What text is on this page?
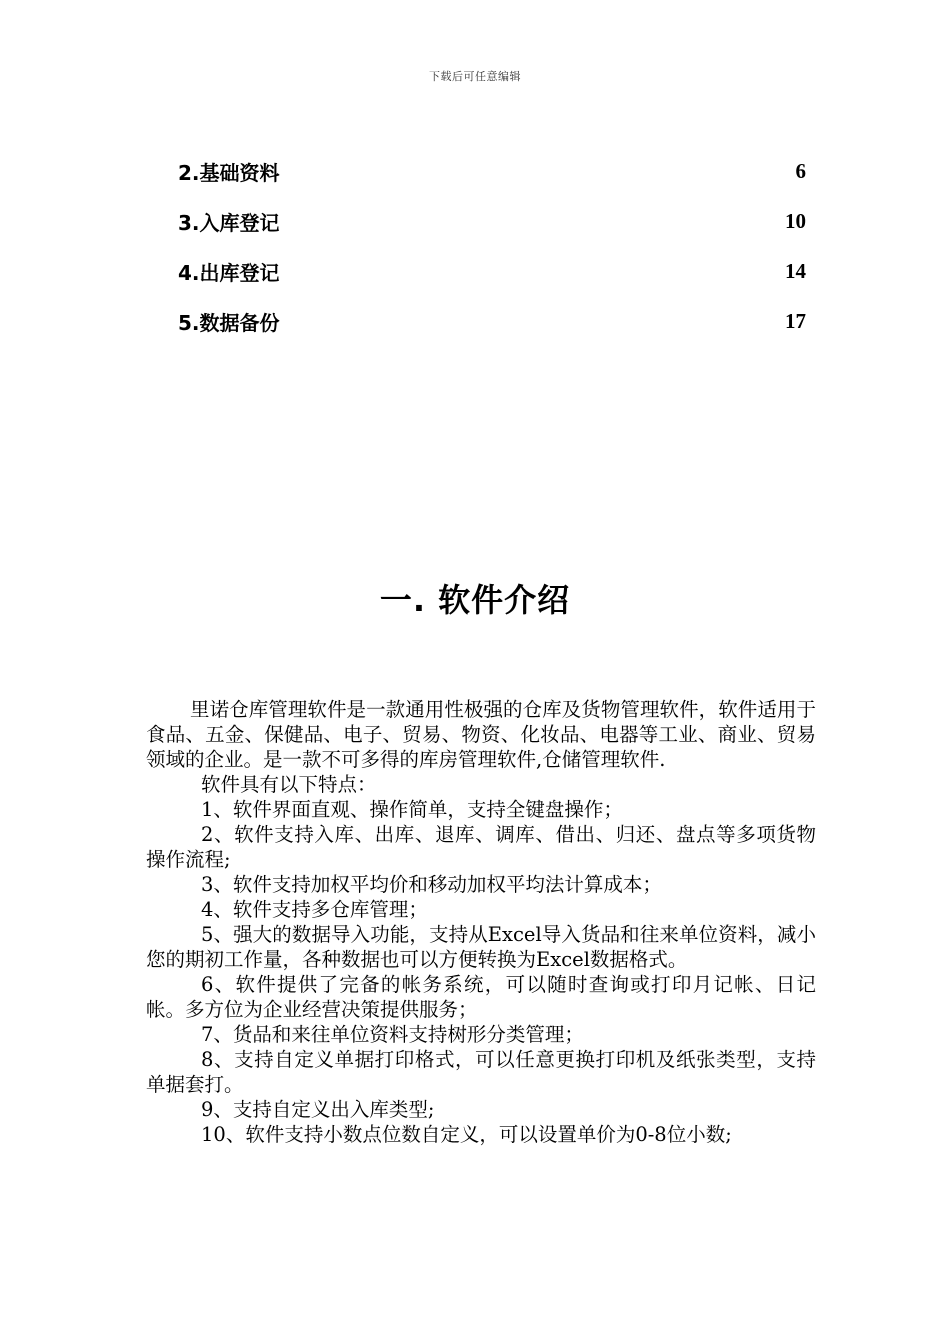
下载后可任意编辑
2.基础资料	6
3.入库登记	10
4.出库登记	14
5.数据备份	17
一. 软件介绍

里诺仓库管理软件是一款通用性极强的仓库及货物管理软件，软件适用于食品、五金、保健品、电子、贸易、物资、化妆品、电器等工业、商业、贸易领域的企业。是一款不可多得的库房管理软件,仓储管理软件.

软件具有以下特点：

1、软件界面直观、操作简单，支持全键盘操作；

2、软件支持入库、出库、退库、调库、借出、归还、盘点等多项货物操作流程;

3、软件支持加权平均价和移动加权平均法计算成本；

4、软件支持多仓库管理；

5、强大的数据导入功能，支持从Excel导入货品和往来单位资料，减小您的期初工作量，各种数据也可以方便转换为Excel数据格式。

6、软件提供了完备的帐务系统，可以随时查询或打印月记帐、日记帐。多方位为企业经营决策提供服务；

7、货品和来往单位资料支持树形分类管理；

8、支持自定义单据打印格式，可以任意更换打印机及纸张类型，支持单据套打。

9、支持自定义出入库类型;

10、软件支持小数点位数自定义，可以设置单价为0-8位小数;
